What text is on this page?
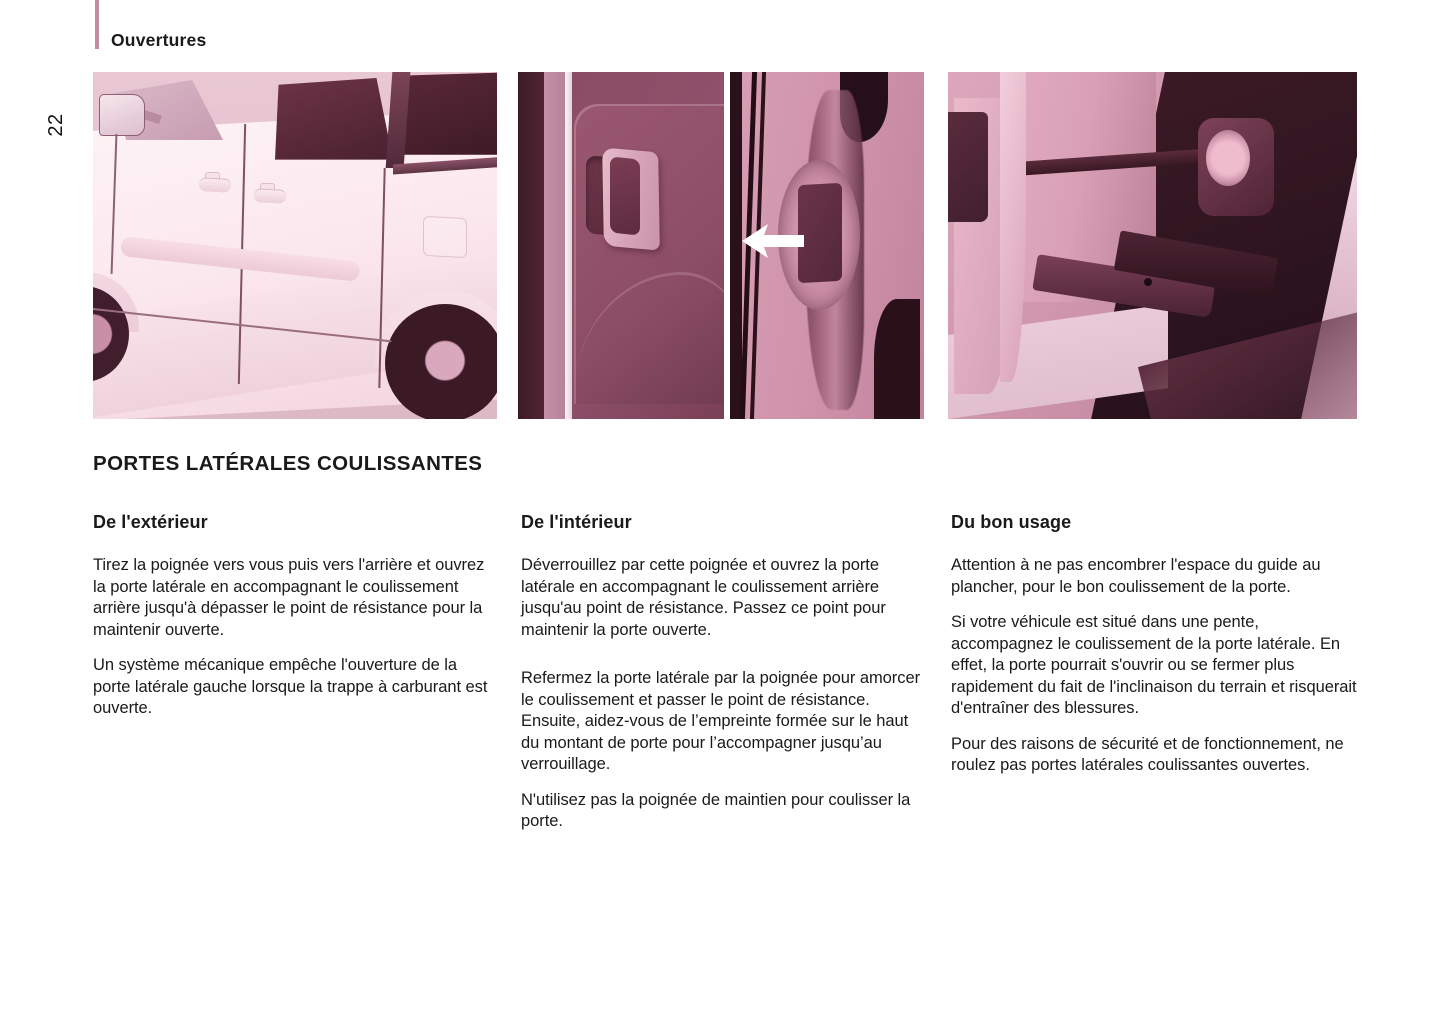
Ouvertures
22
PORTES LATÉRALES COULISSANTES
De l'extérieur

Tirez la poignée vers vous puis vers l'arrière et ouvrez la porte latérale en accompagnant le coulissement arrière jusqu'à dépasser le point de résistance pour la maintenir ouverte.

Un système mécanique empêche l'ouverture de la porte latérale gauche lorsque la trappe à carburant est ouverte.

De l'intérieur

Déverrouillez par cette poignée et ouvrez la porte latérale en accompagnant le coulissement arrière jusqu'au point de résistance. Passez ce point pour maintenir la porte ouverte.

Refermez la porte latérale par la poignée pour amorcer le coulissement et passer le point de résistance. Ensuite, aidez-vous de l’empreinte formée sur le haut du montant de porte pour l’accompagner jusqu’au verrouillage.

N'utilisez pas la poignée de maintien pour coulisser la porte.

Du bon usage

Attention à ne pas encombrer l'espace du guide au plancher, pour le bon coulissement de la porte.

Si votre véhicule est situé dans une pente, accompagnez le coulissement de la porte latérale. En effet, la porte pourrait s'ouvrir ou se fermer plus rapidement du fait de l'inclinaison du terrain et risquerait d'entraîner des blessures.

Pour des raisons de sécurité et de fonctionnement, ne roulez pas portes latérales coulissantes ouvertes.
